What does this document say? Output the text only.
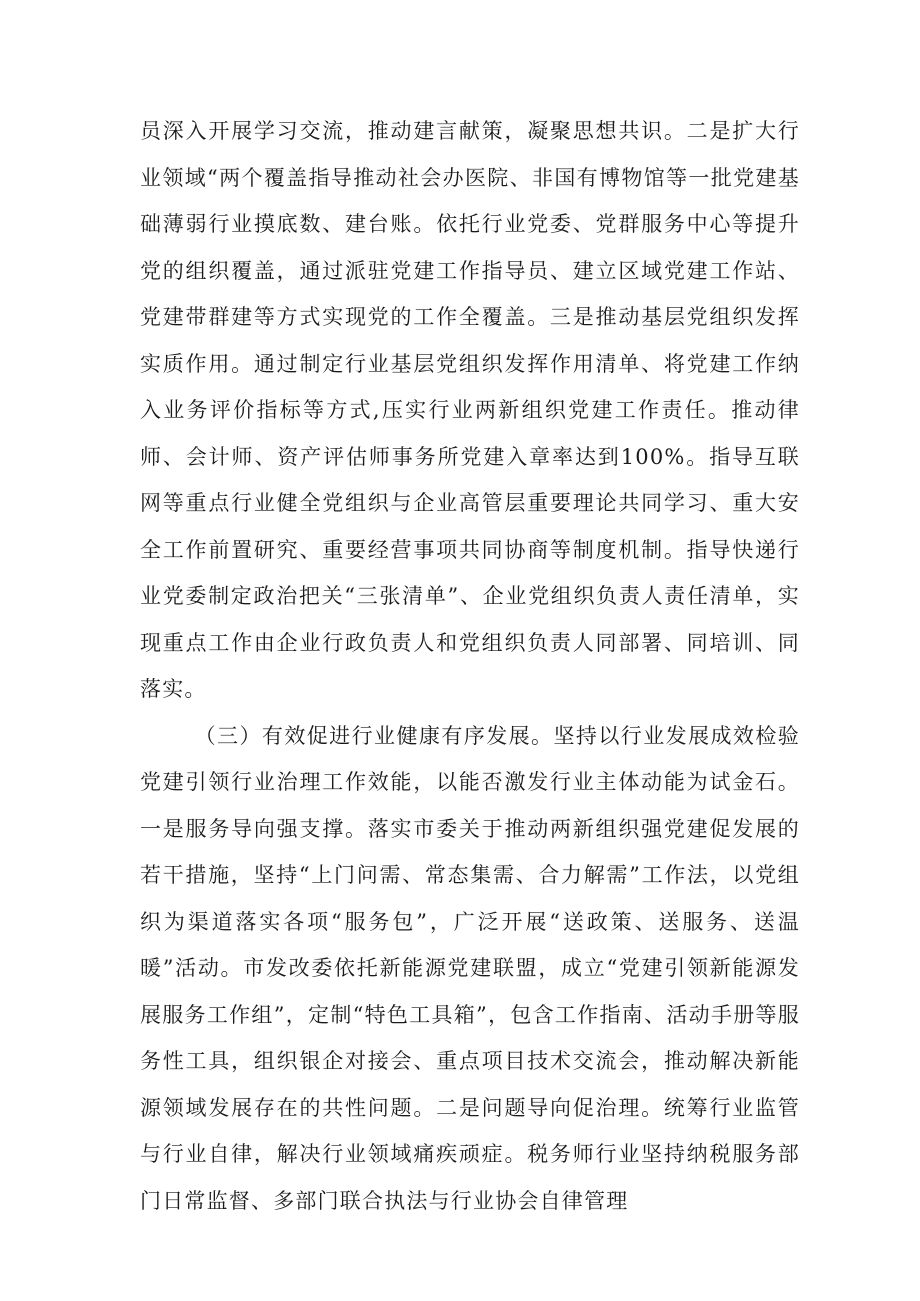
员深入开展学习交流，推动建言献策，凝聚思想共识。二是扩大行业领域“两个覆盖指导推动社会办医院、非国有博物馆等一批党建基础薄弱行业摸底数、建台账。依托行业党委、党群服务中心等提升党的组织覆盖，通过派驻党建工作指导员、建立区域党建工作站、党建带群建等方式实现党的工作全覆盖。三是推动基层党组织发挥实质作用。通过制定行业基层党组织发挥作用清单、将党建工作纳入业务评价指标等方式,压实行业两新组织党建工作责任。推动律师、会计师、资产评估师事务所党建入章率达到100%。指导互联网等重点行业健全党组织与企业高管层重要理论共同学习、重大安全工作前置研究、重要经营事项共同协商等制度机制。指导快递行业党委制定政治把关“三张清单”、企业党组织负责人责任清单，实现重点工作由企业行政负责人和党组织负责人同部署、同培训、同落实。

（三）有效促进行业健康有序发展。坚持以行业发展成效检验党建引领行业治理工作效能，以能否激发行业主体动能为试金石。一是服务导向强支撑。落实市委关于推动两新组织强党建促发展的若干措施，坚持“上门问需、常态集需、合力解需”工作法，以党组织为渠道落实各项“服务包”，广泛开展“送政策、送服务、送温暖”活动。市发改委依托新能源党建联盟，成立“党建引领新能源发展服务工作组”，定制“特色工具箱”，包含工作指南、活动手册等服务性工具，组织银企对接会、重点项目技术交流会，推动解决新能源领域发展存在的共性问题。二是问题导向促治理。统筹行业监管与行业自律，解决行业领域痛疾顽症。税务师行业坚持纳税服务部门日常监督、多部门联合执法与行业协会自律管理
